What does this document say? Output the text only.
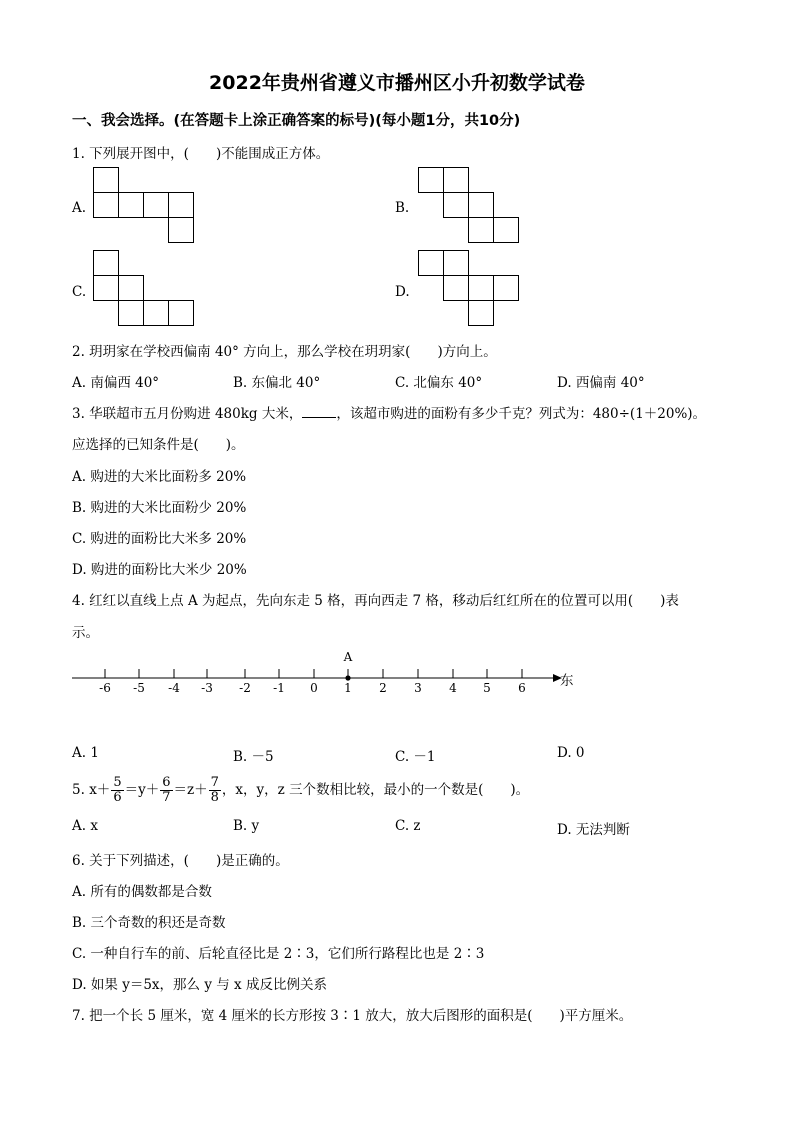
2022年贵州省遵义市播州区小升初数学试卷
一、我会选择。(在答题卡上涂正确答案的标号)(每小题1分，共10分)
1. 下列展开图中，(　　)不能围成正方体。
A.	B.
C.	D.
2. 玥玥家在学校西偏南 40° 方向上，那么学校在玥玥家(　　)方向上。
A. 南偏西 40°	B. 东偏北 40°	C. 北偏东 40°	D. 西偏南 40°
3. 华联超市五月份购进 480kg 大米，	，该超市购进的面粉有多少千克？列式为：480÷(1＋20%)。
应选择的已知条件是(　　)。
A. 购进的大米比面粉多 20%
B. 购进的大米比面粉少 20%
C. 购进的面粉比大米多 20%
D. 购进的面粉比大米少 20%
4. 红红以直线上点 A 为起点，先向东走 5 格，再向西走 7 格，移动后红红所在的位置可以用(　　)表
示。
-6 -5 -4 -3 -2 -1 0 1 2 3 4 5 6
A
东
A. 1	B. －5	C. －1	D. 0
5. $x+ \frac{5}{6} =y+ \frac{6}{7} =z+ \frac{7}{8}$ ，x，y，z 三个数相比较，最小的一个数是(　　)。
A. x	B. y	C. z	D. 无法判断
6. 关于下列描述，(　　)是正确的。
A. 所有的偶数都是合数
B. 三个奇数的积还是奇数
C. 一种自行车的前、后轮直径比是 2∶3，它们所行路程比也是 2∶3
D. 如果 y＝5x，那么 y 与 x 成反比例关系
7. 把一个长 5 厘米，宽 4 厘米的长方形按 3∶1 放大，放大后图形的面积是(　　)平方厘米。
